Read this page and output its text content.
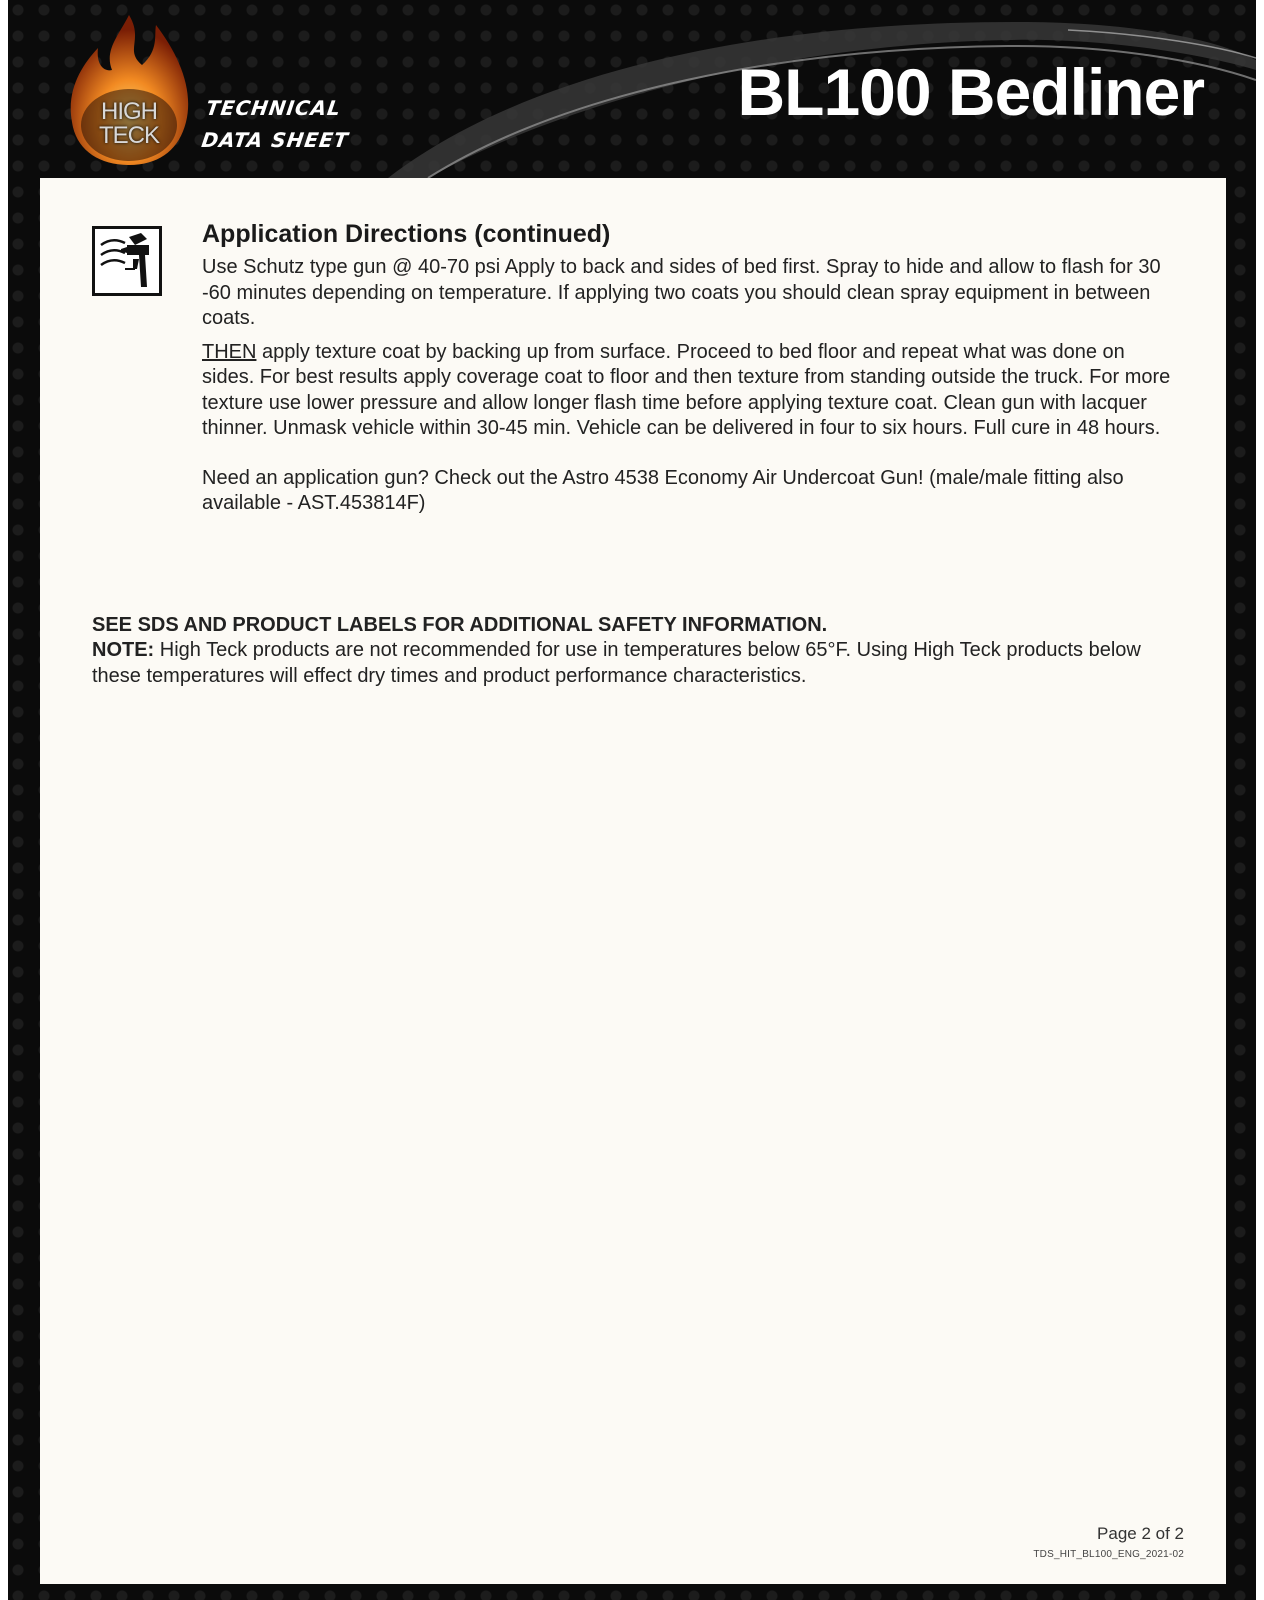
HIGH
TECK
TECHNICAL
DATA SHEET
BL100 Bedliner
Application Directions (continued)

Use Schutz type gun @ 40-70 psi Apply to back and sides of bed first. Spray to hide and allow to flash for 30 -60 minutes depending on temperature. If applying two coats you should clean spray equipment in between coats.

THEN apply texture coat by backing up from surface. Proceed to bed floor and repeat what was done on sides. For best results apply coverage coat to floor and then texture from standing outside the truck. For more texture use lower pressure and allow longer flash time before applying texture coat. Clean gun with lacquer thinner. Unmask vehicle within 30-45 min. Vehicle can be delivered in four to six hours. Full cure in 48 hours.

Need an application gun? Check out the Astro 4538 Economy Air Undercoat Gun! (male/male fitting also available - AST.453814F)

SEE SDS AND PRODUCT LABELS FOR ADDITIONAL SAFETY INFORMATION.
NOTE: High Teck products are not recommended for use in temperatures below 65°F. Using High Teck products below these temperatures will effect dry times and product performance characteristics.
Page 2 of 2
TDS_HIT_BL100_ENG_2021-02
